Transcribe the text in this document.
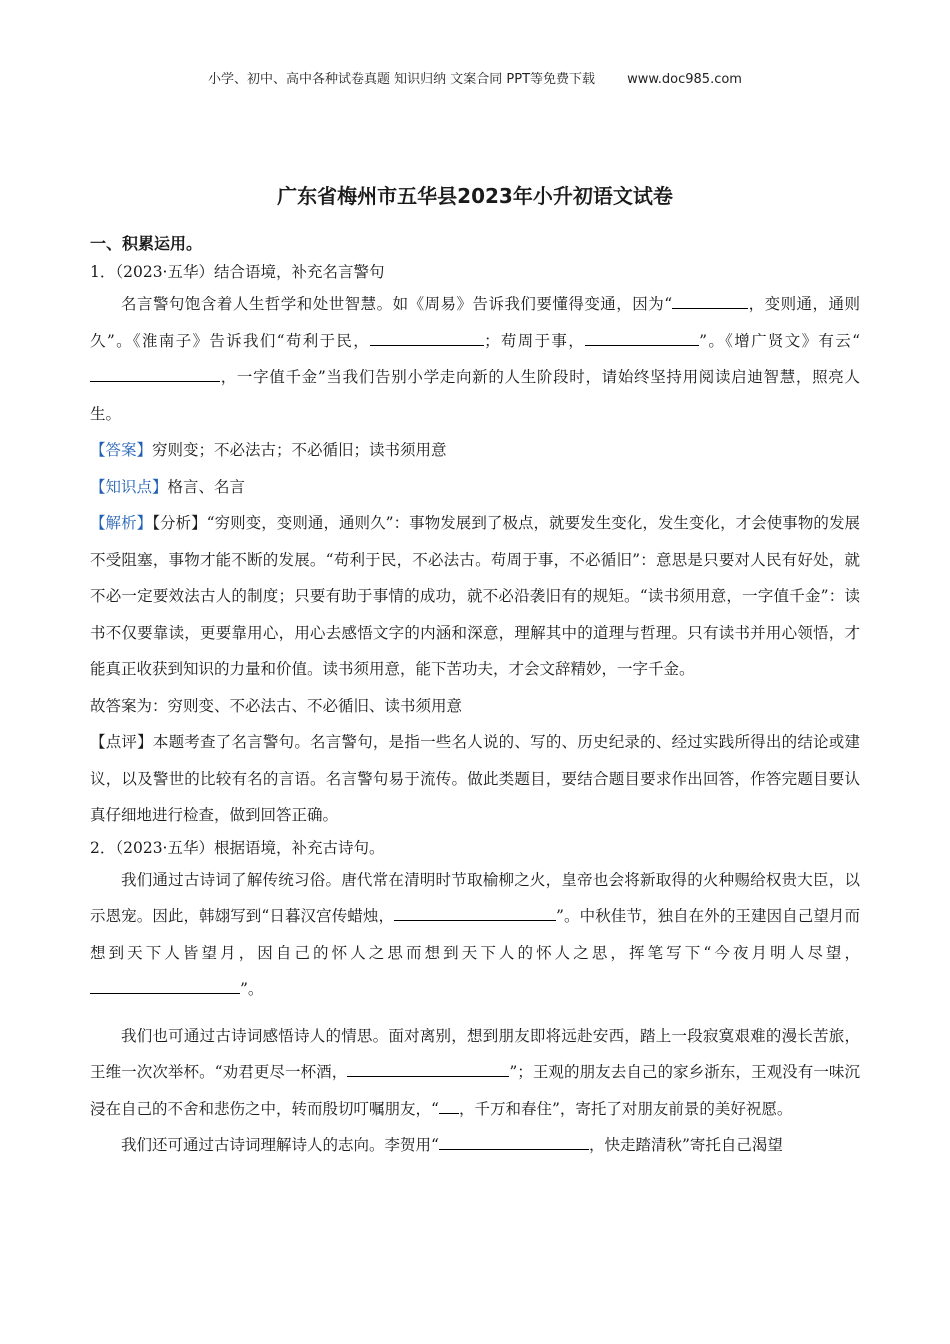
小学、初中、高中各种试卷真题 知识归纳 文案合同 PPT等免费下载 www.doc985.com
广东省梅州市五华县2023年小升初语文试卷
一、积累运用。
1．（2023·五华）结合语境，补充名言警句
名言警句饱含着人生哲学和处世智慧。如《周易》告诉我们要懂得变通，因为“	，变则通，通则久”。《淮南子》告诉我们“苟利于民，	；苟周于事，	”。《增广贤文》有云“，一字值千金”当我们告别小学走向新的人生阶段时，请始终坚持用阅读启迪智慧，照亮人生。
【答案】穷则变；不必法古；不必循旧；读书须用意
【知识点】格言、名言
【解析】【分析】“穷则变，变则通，通则久”：事物发展到了极点，就要发生变化，发生变化，才会使事物的发展不受阻塞，事物才能不断的发展。“苟利于民，不必法古。苟周于事，不必循旧”：意思是只要对人民有好处，就不必一定要效法古人的制度；只要有助于事情的成功，就不必沿袭旧有的规矩。“读书须用意，一字值千金”：读书不仅要靠读，更要靠用心，用心去感悟文字的内涵和深意，理解其中的道理与哲理。只有读书并用心领悟，才能真正收获到知识的力量和价值。读书须用意，能下苦功夫，才会文辞精妙，一字千金。
故答案为：穷则变、不必法古、不必循旧、读书须用意
【点评】本题考查了名言警句。名言警句，是指一些名人说的、写的、历史纪录的、经过实践所得出的结论或建议，以及警世的比较有名的言语。名言警句易于流传。做此类题目，要结合题目要求作出回答，作答完题目要认真仔细地进行检查，做到回答正确。
2．（2023·五华）根据语境，补充古诗句。
我们通过古诗词了解传统习俗。唐代常在清明时节取榆柳之火，皇帝也会将新取得的火种赐给权贵大臣，以示恩宠。因此，韩翃写到“日暮汉宫传蜡烛，	”。中秋佳节，独自在外的王建因自己望月而想到天下人皆望月，因自己的怀人之思而想到天下人的怀人之思，挥笔写下“今夜月明人尽望，”。
我们也可通过古诗词感悟诗人的情思。面对离别，想到朋友即将远赴安西，踏上一段寂寞艰难的漫长苦旅，王维一次次举杯。“劝君更尽一杯酒，	”；王观的朋友去自己的家乡浙东，王观没有一味沉浸在自己的不舍和悲伤之中，转而殷切叮嘱朋友，“ ，千万和春住”，寄托了对朋友前景的美好祝愿。
我们还可通过古诗词理解诗人的志向。李贺用“	，快走踏清秋”寄托自己渴望
